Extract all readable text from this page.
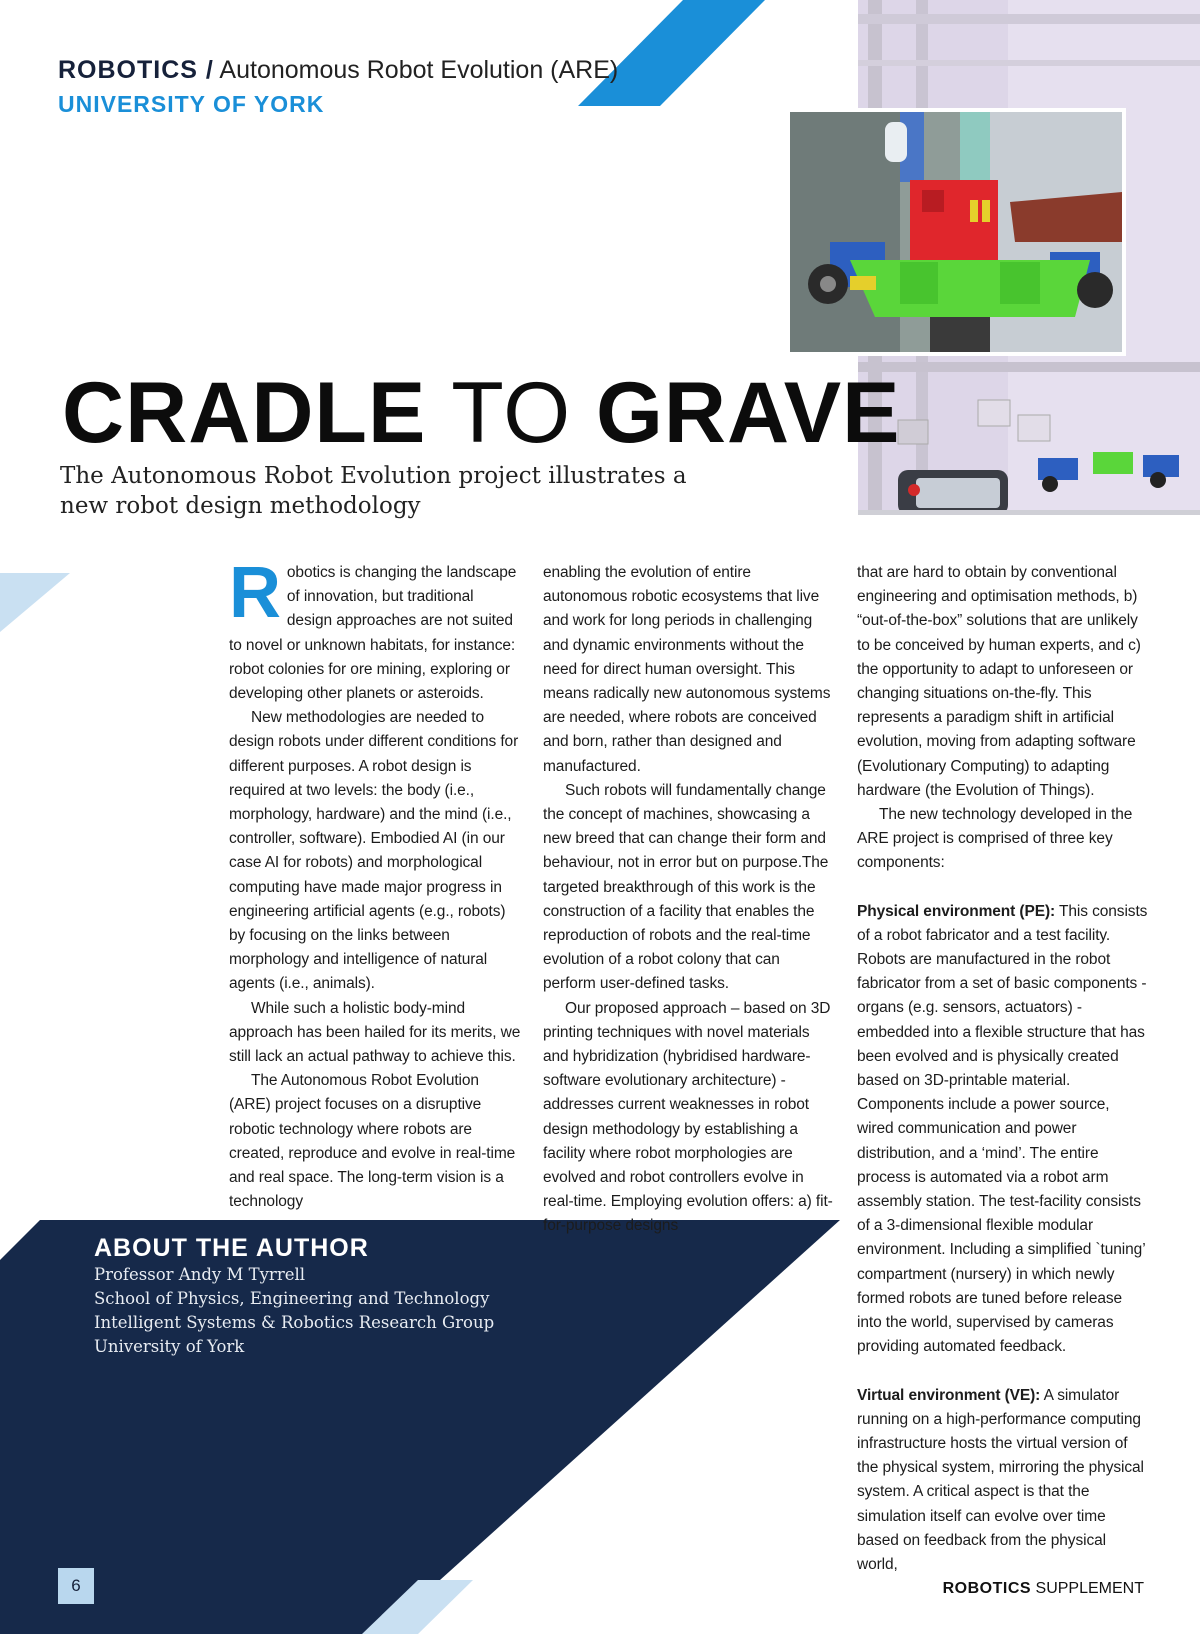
ROBOTICS / Autonomous Robot Evolution (ARE)
UNIVERSITY OF YORK
CRADLE TO GRAVE
The Autonomous Robot Evolution project illustrates a new robot design methodology

Robotics is changing the landscape of innovation, but traditional design approaches are not suited to novel or unknown habitats, for instance: robot colonies for ore mining, exploring or developing other planets or asteroids.

New methodologies are needed to design robots under different conditions for different purposes. A robot design is required at two levels: the body (i.e., morphology, hardware) and the mind (i.e., controller, software). Embodied AI (in our case AI for robots) and morphological computing have made major progress in engineering artificial agents (e.g., robots) by focusing on the links between morphology and intelligence of natural agents (i.e., animals).

While such a holistic body-mind approach has been hailed for its merits, we still lack an actual pathway to achieve this.

The Autonomous Robot Evolution (ARE) project focuses on a disruptive robotic technology where robots are created, reproduce and evolve in real-time and real space. The long-term vision is a technology

enabling the evolution of entire autonomous robotic ecosystems that live and work for long periods in challenging and dynamic environments without the need for direct human oversight. This means radically new autonomous systems are needed, where robots are conceived and born, rather than designed and manufactured.

Such robots will fundamentally change the concept of machines, showcasing a new breed that can change their form and behaviour, not in error but on purpose.The targeted breakthrough of this work is the construction of a facility that enables the reproduction of robots and the real-time evolution of a robot colony that can perform user-defined tasks.

Our proposed approach – based on 3D printing techniques with novel materials and hybridization (hybridised hardware-software evolutionary architecture) - addresses current weaknesses in robot design methodology by establishing a facility where robot morphologies are evolved and robot controllers evolve in real-time. Employing evolution offers: a) fit-for-purpose designs

that are hard to obtain by conventional engineering and optimisation methods, b) “out-of-the-box” solutions that are unlikely to be conceived by human experts, and c) the opportunity to adapt to unforeseen or changing situations on-the-fly. This represents a paradigm shift in artificial evolution, moving from adapting software (Evolutionary Computing) to adapting hardware (the Evolution of Things).

The new technology developed in the ARE project is comprised of three key components:

Physical environment (PE): This consists of a robot fabricator and a test facility. Robots are manufactured in the robot fabricator from a set of basic components - organs (e.g. sensors, actuators) - embedded into a flexible structure that has been evolved and is physically created based on 3D-printable material. Components include a power source, wired communication and power distribution, and a ‘mind’. The entire process is automated via a robot arm assembly station. The test-facility consists of a 3-dimensional flexible modular environment. Including a simplified `tuning’ compartment (nursery) in which newly formed robots are tuned before release into the world, supervised by cameras providing automated feedback.

Virtual environment (VE): A simulator running on a high-performance computing infrastructure hosts the virtual version of the physical system, mirroring the physical system. A critical aspect is that the simulation itself can evolve over time based on feedback from the physical world,

ABOUT THE AUTHOR
Professor Andy M Tyrrell
School of Physics, Engineering and Technology
Intelligent Systems & Robotics Research Group
University of York
6	ROBOTICS SUPPLEMENT
